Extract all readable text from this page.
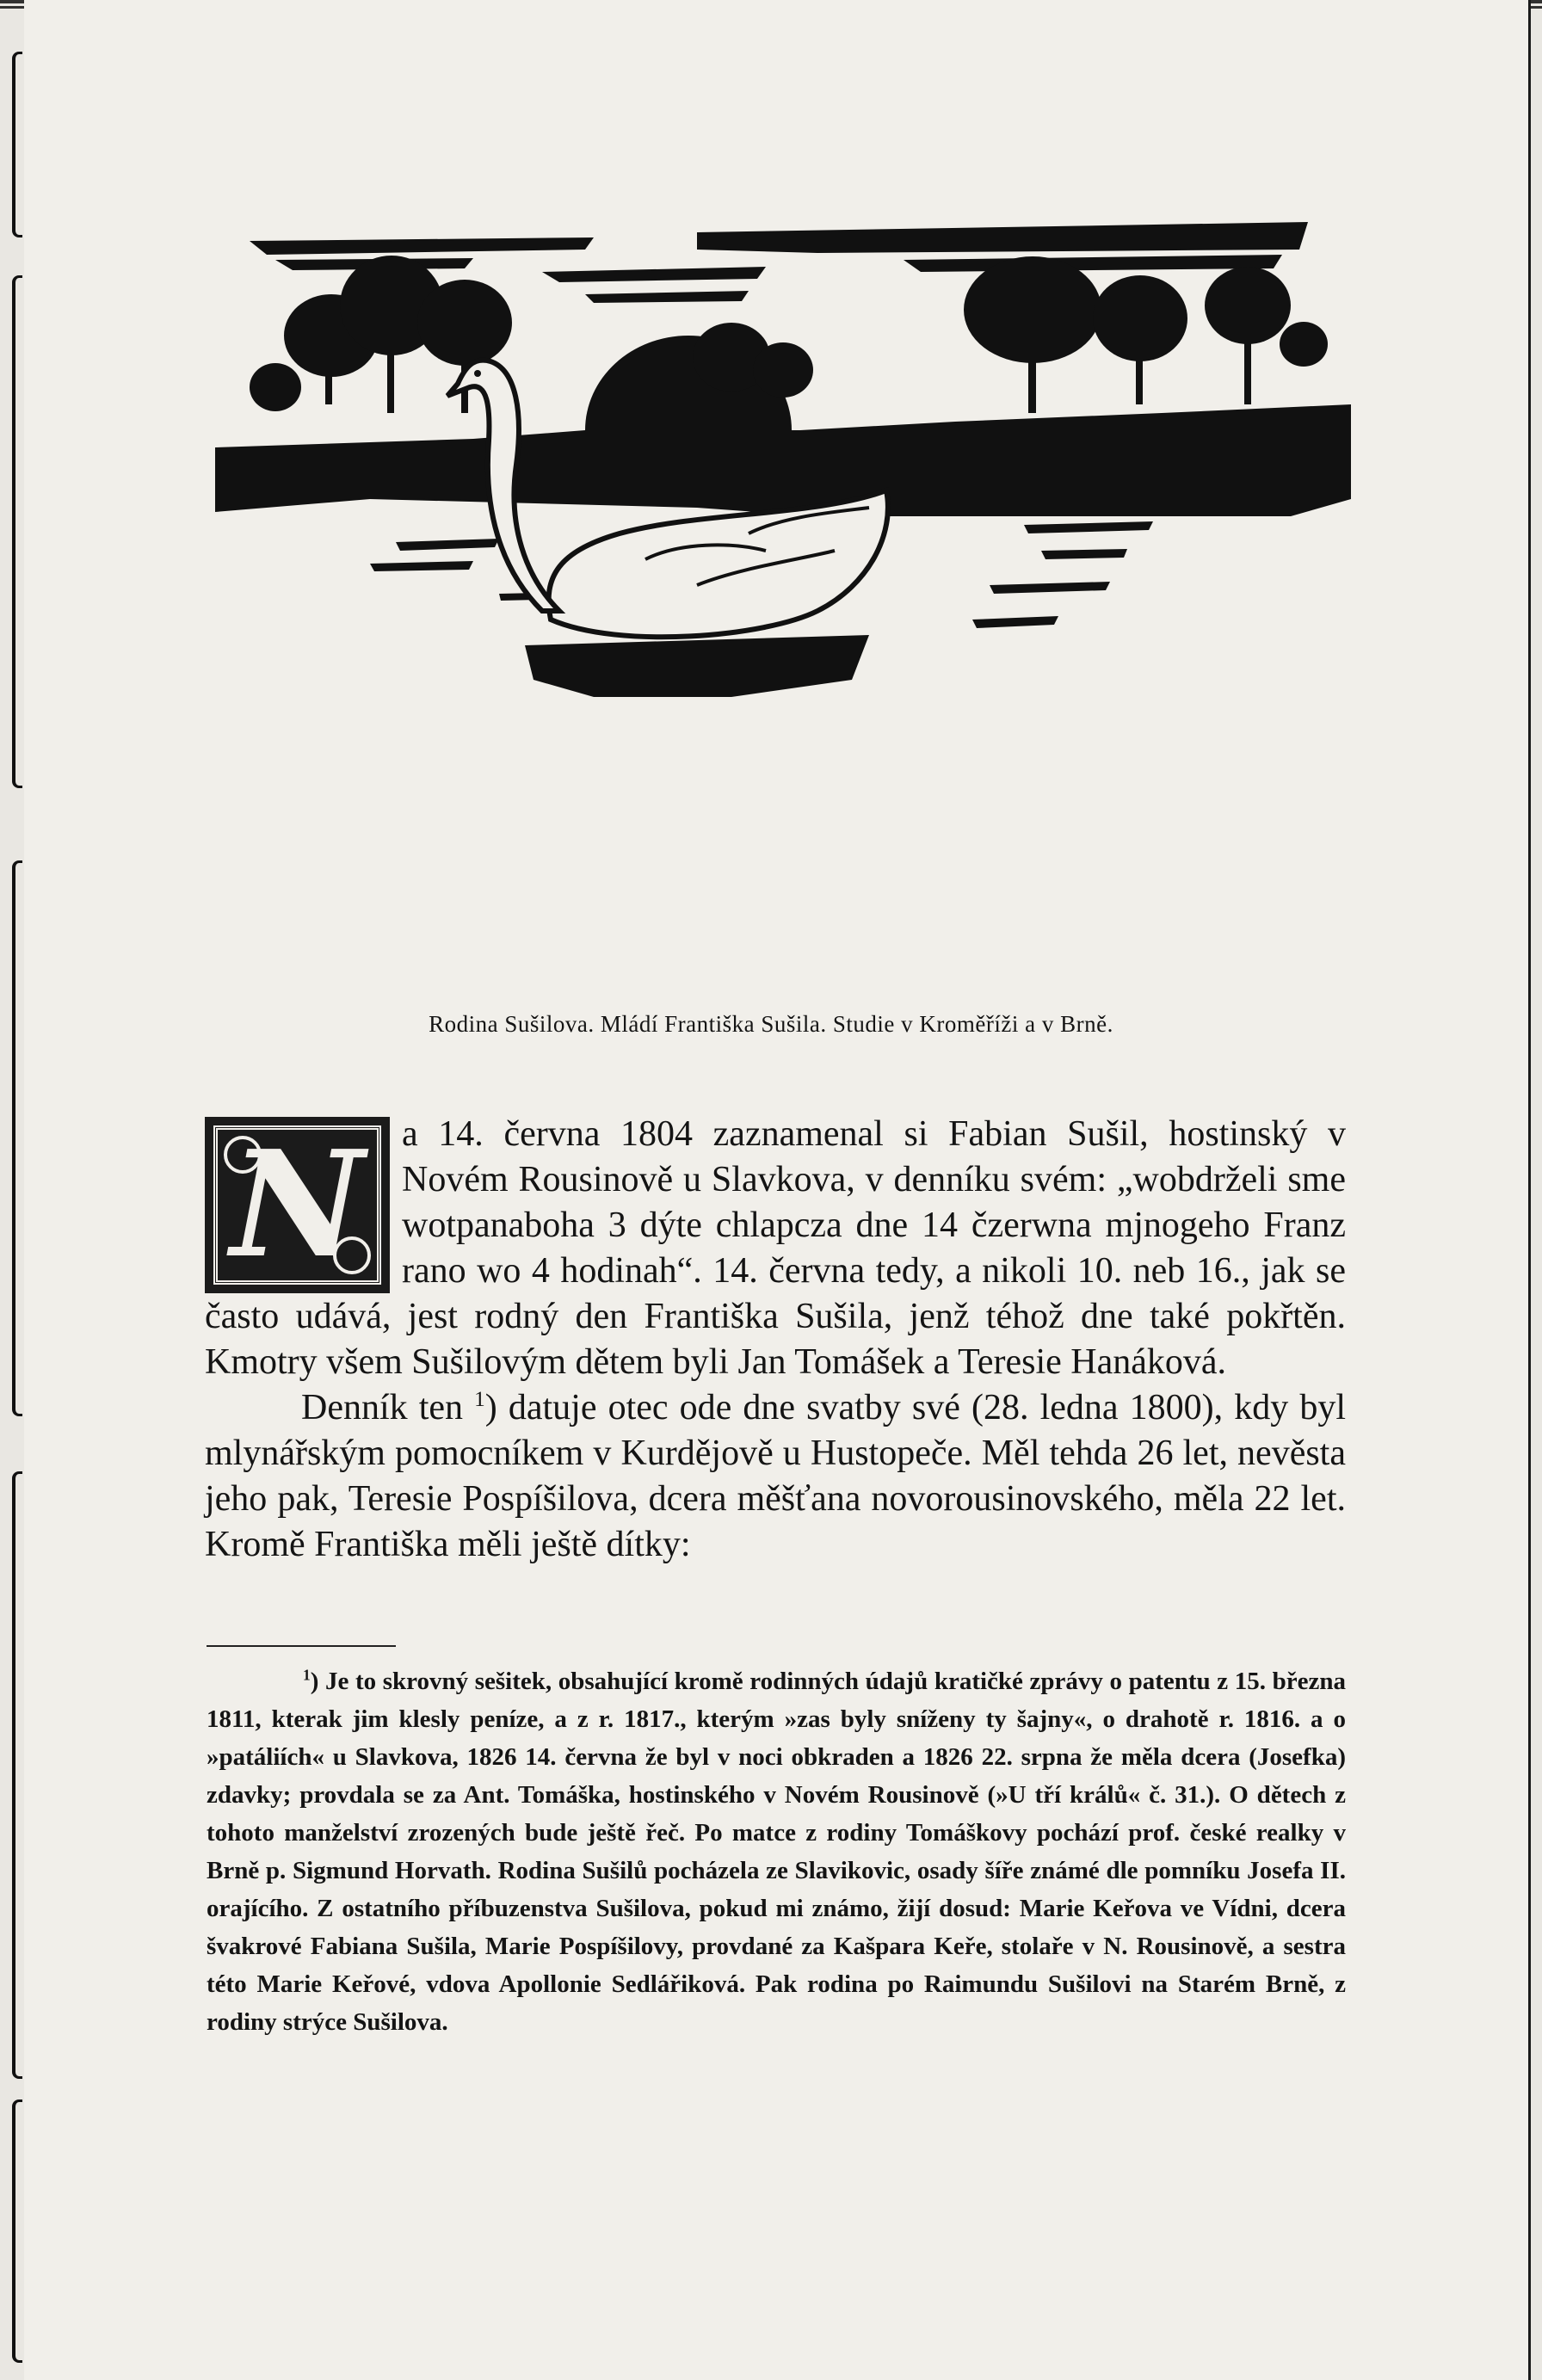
Rodina Sušilova. Mládí Františka Sušila. Studie v Kroměříži a v Brně.
N	a 14. června 1804 zaznamenal si Fabian Sušil, hostinský v Novém Rousinově u Slavkova, v denníku svém: „wobdrželi sme wotpanaboha 3 dýte chlapcza dne 14 čzerwna mjnogeho Franz rano wo 4 hodinah“. 14. června tedy, a nikoli 10. neb 16., jak se často udává, jest rodný den Františka Sušila, jenž téhož dne také pokřtěn. Kmotry všem Sušilovým dětem byli Jan Tomášek a Teresie Hanáková.

Denník ten $^1$) datuje otec ode dne svatby své (28. ledna 1800), kdy byl mlynářským pomocníkem v Kurdějově u Hustopeče. Měl tehda 26 let, nevěsta jeho pak, Teresie Pospíšilova, dcera měšťana novorousinovského, měla 22 let. Kromě Františka měli ještě dítky:

$^1$) Je to skrovný sešitek, obsahující kromě rodinných údajů kratičké zprávy o patentu z 15. března 1811, kterak jim klesly peníze, a z r. 1817., kterým »zas byly sníženy ty šajny«, o drahotě r. 1816. a o »patáliích« u Slavkova, 1826 14. června že byl v noci obkraden a 1826 22. srpna že měla dcera (Josefka) zdavky; provdala se za Ant. Tomáška, hostinského v Novém Rousinově (»U tří králů« č. 31.). O dětech z tohoto manželství zrozených bude ještě řeč. Po matce z rodiny Tomáškovy pochází prof. české realky v Brně p. Sigmund Horvath. Rodina Sušilů pocházela ze Slavikovic, osady šíře známé dle pomníku Josefa II. orajícího. Z ostatního příbuzenstva Sušilova, pokud mi známo, žijí dosud: Marie Keřova ve Vídni, dcera švakrové Fabiana Sušila, Marie Pospíšilovy, provdané za Kašpara Keře, stolaře v N. Rousinově, a sestra této Marie Keřové, vdova Apollonie Sedlářiková. Pak rodina po Raimundu Sušilovi na Starém Brně, z rodiny strýce Sušilova.
